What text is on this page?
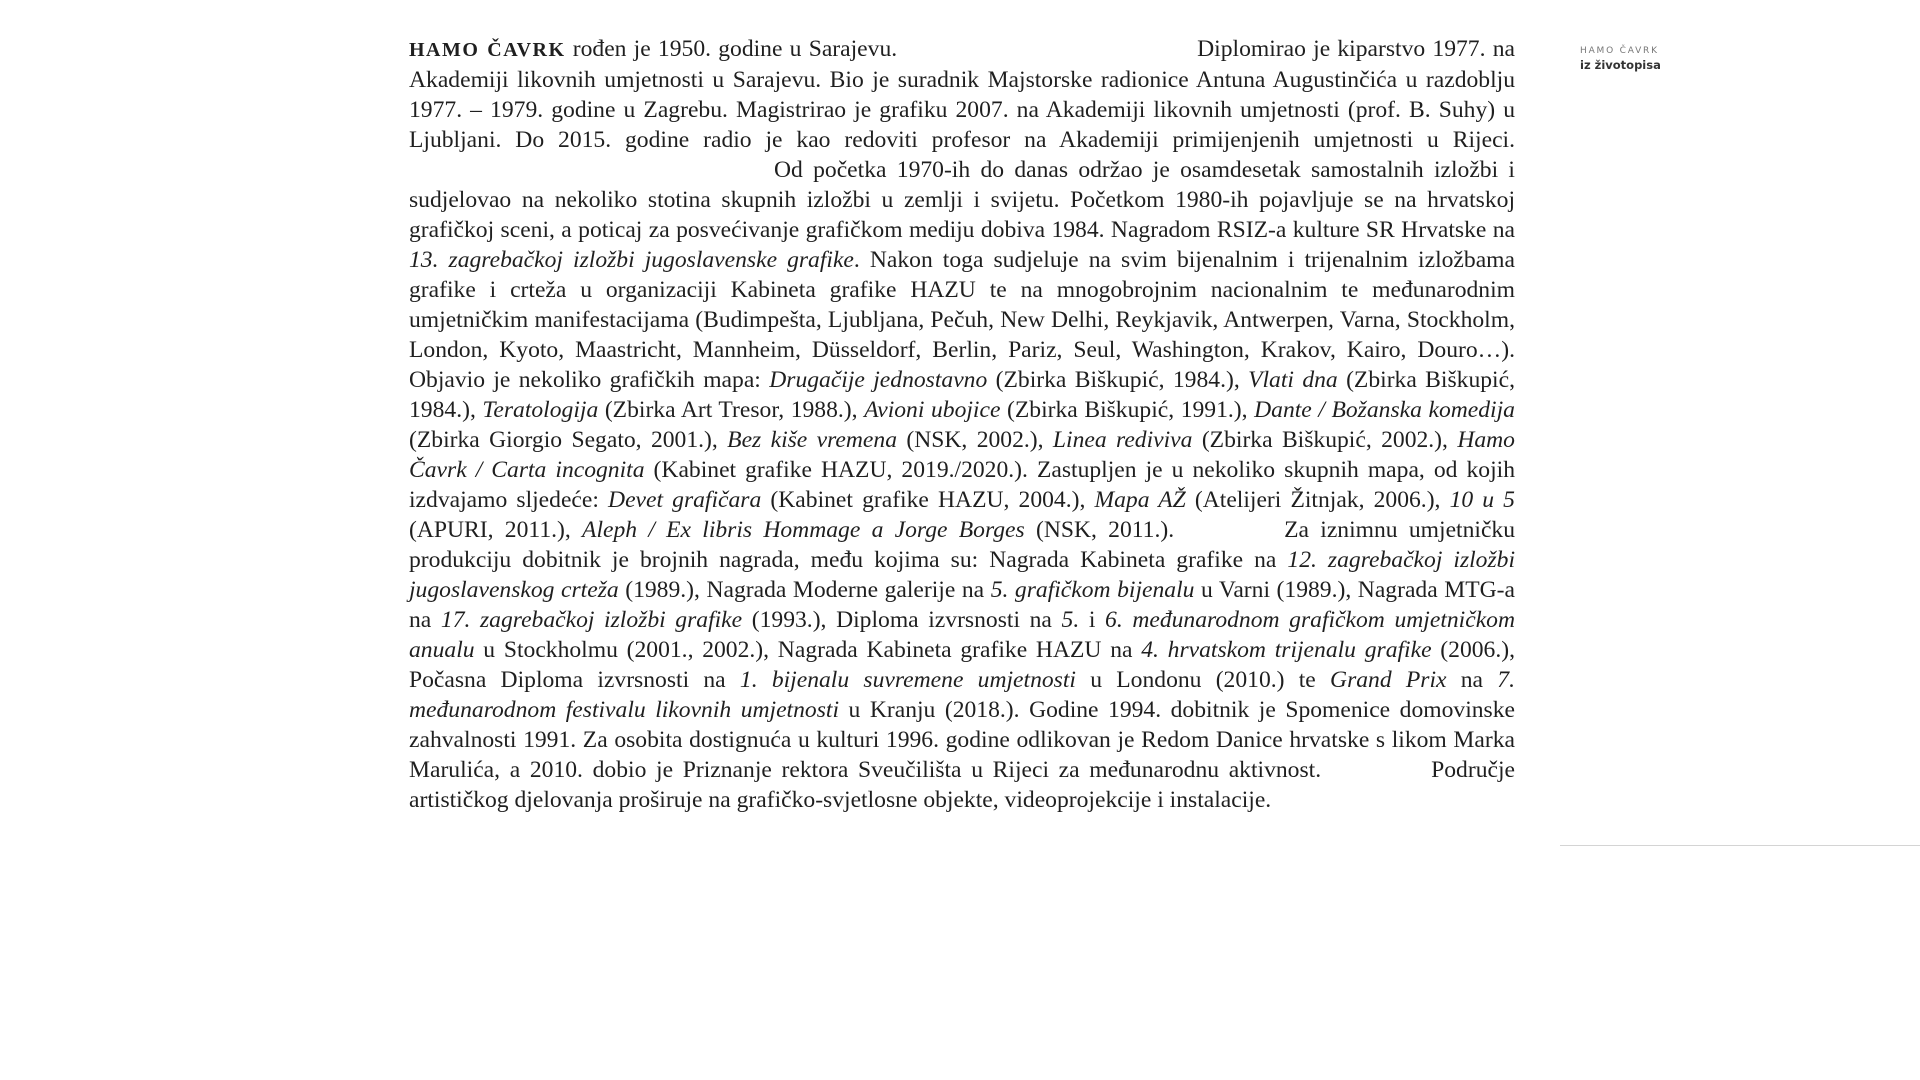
HAMO ČAVRK rođen je 1950. godine u Sarajevu.	Diplomirao je kiparstvo 1977. na Akademiji likovnih umjetnosti u Sarajevu. Bio je suradnik Majstorske radionice Antuna Augustinčića u razdoblju 1977. – 1979. godine u Zagrebu. Magistrirao je grafiku 2007. na Akademiji likovnih umjetnosti (prof. B. Suhy) u Ljubljani. Do 2015. godine radio je kao redoviti profesor na Akademiji primijenjenih umjetnosti u Rijeci.Od početka 1970-ih do danas održao je osamdesetak samostalnih izložbi i sudjelovao na nekoliko stotina skupnih izložbi u zemlji i svijetu. Početkom 1980-ih pojavljuje se na hrvatskoj grafičkoj sceni, a poticaj za posvećivanje grafičkom mediju dobiva 1984. Nagradom RSIZ-a kulture SR Hrvatske na 13. zagrebačkoj izložbi jugoslavenske grafike. Nakon toga sudjeluje na svim bijenalnim i trijenalnim izložbama grafike i crteža u organizaciji Kabineta grafike HAZU te na mnogobrojnim nacionalnim te međunarodnim umjetničkim manifestacijama (Budimpešta, Ljubljana, Pečuh, New Delhi, Reykjavik, Antwerpen, Varna, Stockholm, London, Kyoto, Maastricht, Mannheim, Düsseldorf, Berlin, Pariz, Seul, Washington, Krakov, Kairo, Douro…). Objavio je nekoliko grafičkih mapa: Drugačije jednostavno (Zbirka Biškupić, 1984.), Vlati dna (Zbirka Biškupić, 1984.), Teratologija (Zbirka Art Tresor, 1988.), Avioni ubojice (Zbirka Biškupić, 1991.), Dante / Božanska komedija (Zbirka Giorgio Segato, 2001.), Bez kiše vremena (NSK, 2002.), Linea rediviva (Zbirka Biškupić, 2002.), Hamo Čavrk / Carta incognita (Kabinet grafike HAZU, 2019./2020.). Zastupljen je u nekoliko skupnih mapa, od kojih izdvajamo sljedeće: Devet grafičara (Kabinet grafike HAZU, 2004.), Mapa AŽ (Atelijeri Žitnjak, 2006.), 10 u 5 (APURI, 2011.), Aleph / Ex libris Hommage a Jorge Borges (NSK, 2011.).	Za iznimnu umjetničku produkciju dobitnik je brojnih nagrada, među kojima su: Nagrada Kabineta grafike na 12. zagrebačkoj izložbi jugoslavenskog crteža (1989.), Nagrada Moderne galerije na 5. grafičkom bijenalu u Varni (1989.), Nagrada MTG-a na 17. zagrebačkoj izložbi grafike (1993.), Diploma izvrsnosti na 5. i 6. međunarodnom grafičkom umjetničkom anualu u Stockholmu (2001., 2002.), Nagrada Kabineta grafike HAZU na 4. hrvatskom trijenalu grafike (2006.), Počasna Diploma izvrsnosti na 1. bijenalu suvremene umjetnosti u Londonu (2010.) te Grand Prix na 7. međunarodnom festivalu likovnih umjetnosti u Kranju (2018.). Godine 1994. dobitnik je Spomenice domovinske zahvalnosti 1991. Za osobita dostignuća u kulturi 1996. godine odlikovan je Redom Danice hrvatske s likom Marka Marulića, a 2010. dobio je Priznanje rektora Sveučilišta u Rijeci za međunarodnu aktivnost.	Područje artističkog djelovanja proširuje na grafičko-svjetlosne objekte, videoprojekcije i instalacije.

HAMO ČAVRK
iz životopisa
